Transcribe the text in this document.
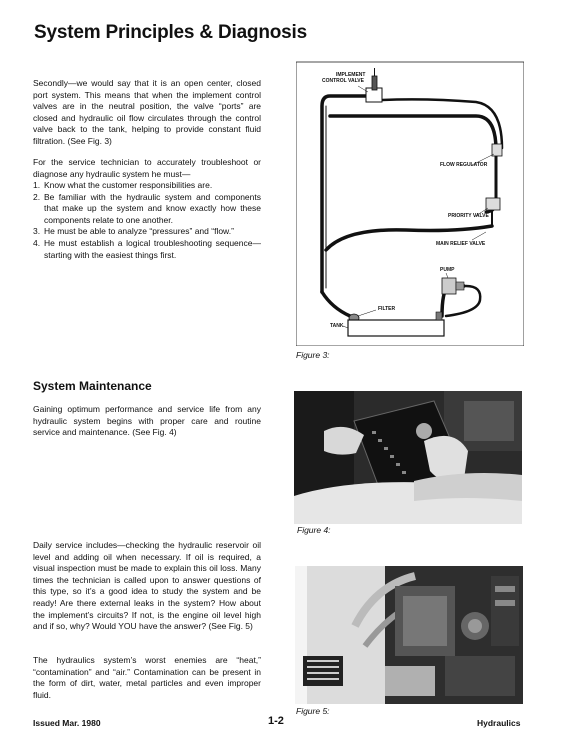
System Principles & Diagnosis

Secondly—we would say that it is an open center, closed port system. This means that when the implement control valves are in the neutral position, the valve “ports” are closed and hydraulic oil flow circulates through the control valve back to the tank, helping to provide constant fluid filtration. (See Fig. 3)

For the service technician to accurately troubleshoot or diagnose any hydraulic system he must—

1. Know what the customer responsibilities are.
2. Be familiar with the hydraulic system and components that make up the system and know exactly how these components relate to one another.
3. He must be able to analyze “pressures” and “flow.”
4. He must establish a logical troubleshooting sequence—starting with the easiest things first.
System Maintenance

Gaining optimum performance and service life from any hydraulic system begins with proper care and routine service and maintenance. (See Fig. 4)

Daily service includes—checking the hydraulic reservoir oil level and adding oil when necessary. If oil is required, a visual inspection must be made to explain this oil loss. Many times the technician is called upon to answer questions of this type, so it’s a good idea to study the system and be ready! Are there external leaks in the system? How about the implement’s circuits? If not, is the engine oil level high and if so, why? Would YOU have the answer? (See Fig. 5)

The hydraulics system’s worst enemies are “heat,” “contamination” and “air.” Contamination can be present in the form of dirt, water, metal particles and even improper fluid.

IMPLEMENT
CONTROL VALVE
FLOW REGULATOR
PRIORITY VALVE
MAIN RELIEF VALVE
PUMP
FILTER
TANK

Figure 3:

Figure 4:

Figure 5:

Issued Mar. 1980	1-2	Hydraulics
